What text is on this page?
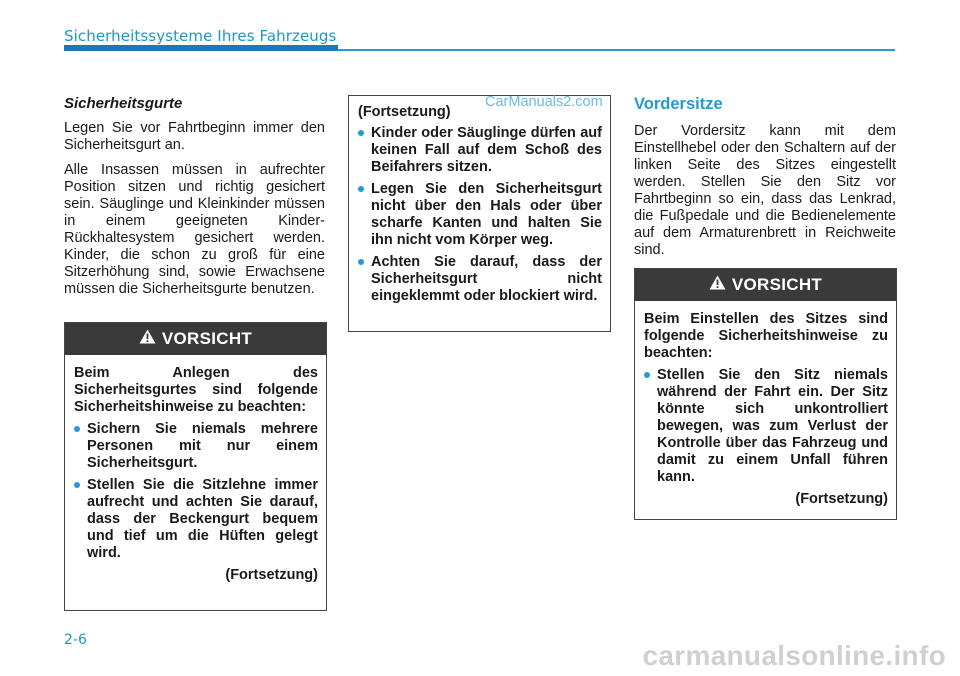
Sicherheitssysteme Ihres Fahrzeugs
Sicherheitsgurte

Legen Sie vor Fahrtbeginn immer den Sicherheitsgurt an.

Alle Insassen müssen in aufrechter Position sitzen und richtig gesichert sein. Säuglinge und Kleinkinder müssen in einem geeigneten Kinder-Rückhaltesystem gesichert werden. Kinder, die schon zu groß für eine Sitzerhöhung sind, sowie Erwachsene müssen die Sicherheitsgurte benutzen.

VORSICHT

Beim Anlegen des Sicherheitsgurtes sind folgende Sicherheitshinweise zu beachten:

Sichern Sie niemals mehrere Personen mit nur einem Sicherheitsgurt.
Stellen Sie die Sitzlehne immer aufrecht und achten Sie darauf, dass der Beckengurt bequem und tief um die Hüften gelegt wird.

(Fortsetzung)

(Fortsetzung)
Kinder oder Säuglinge dürfen auf keinen Fall auf dem Schoß des Beifahrers sitzen.
Legen Sie den Sicherheitsgurt nicht über den Hals oder über scharfe Kanten und halten Sie ihn nicht vom Körper weg.
Achten Sie darauf, dass der Sicherheitsgurt nicht eingeklemmt oder blockiert wird.
CarManuals2.com Vordersitze

Der Vordersitz kann mit dem Einstellhebel oder den Schaltern auf der linken Seite des Sitzes eingestellt werden. Stellen Sie den Sitz vor Fahrtbeginn so ein, dass das Lenkrad, die Fußpedale und die Bedienelemente auf dem Armaturenbrett in Reichweite sind.

VORSICHT

Beim Einstellen des Sitzes sind folgende Sicherheitshinweise zu beachten:

Stellen Sie den Sitz niemals während der Fahrt ein. Der Sitz könnte sich unkontrolliert bewegen, was zum Verlust der Kontrolle über das Fahrzeug und damit zu einem Unfall führen kann.

(Fortsetzung)

2-6	carmanualsonline.info
